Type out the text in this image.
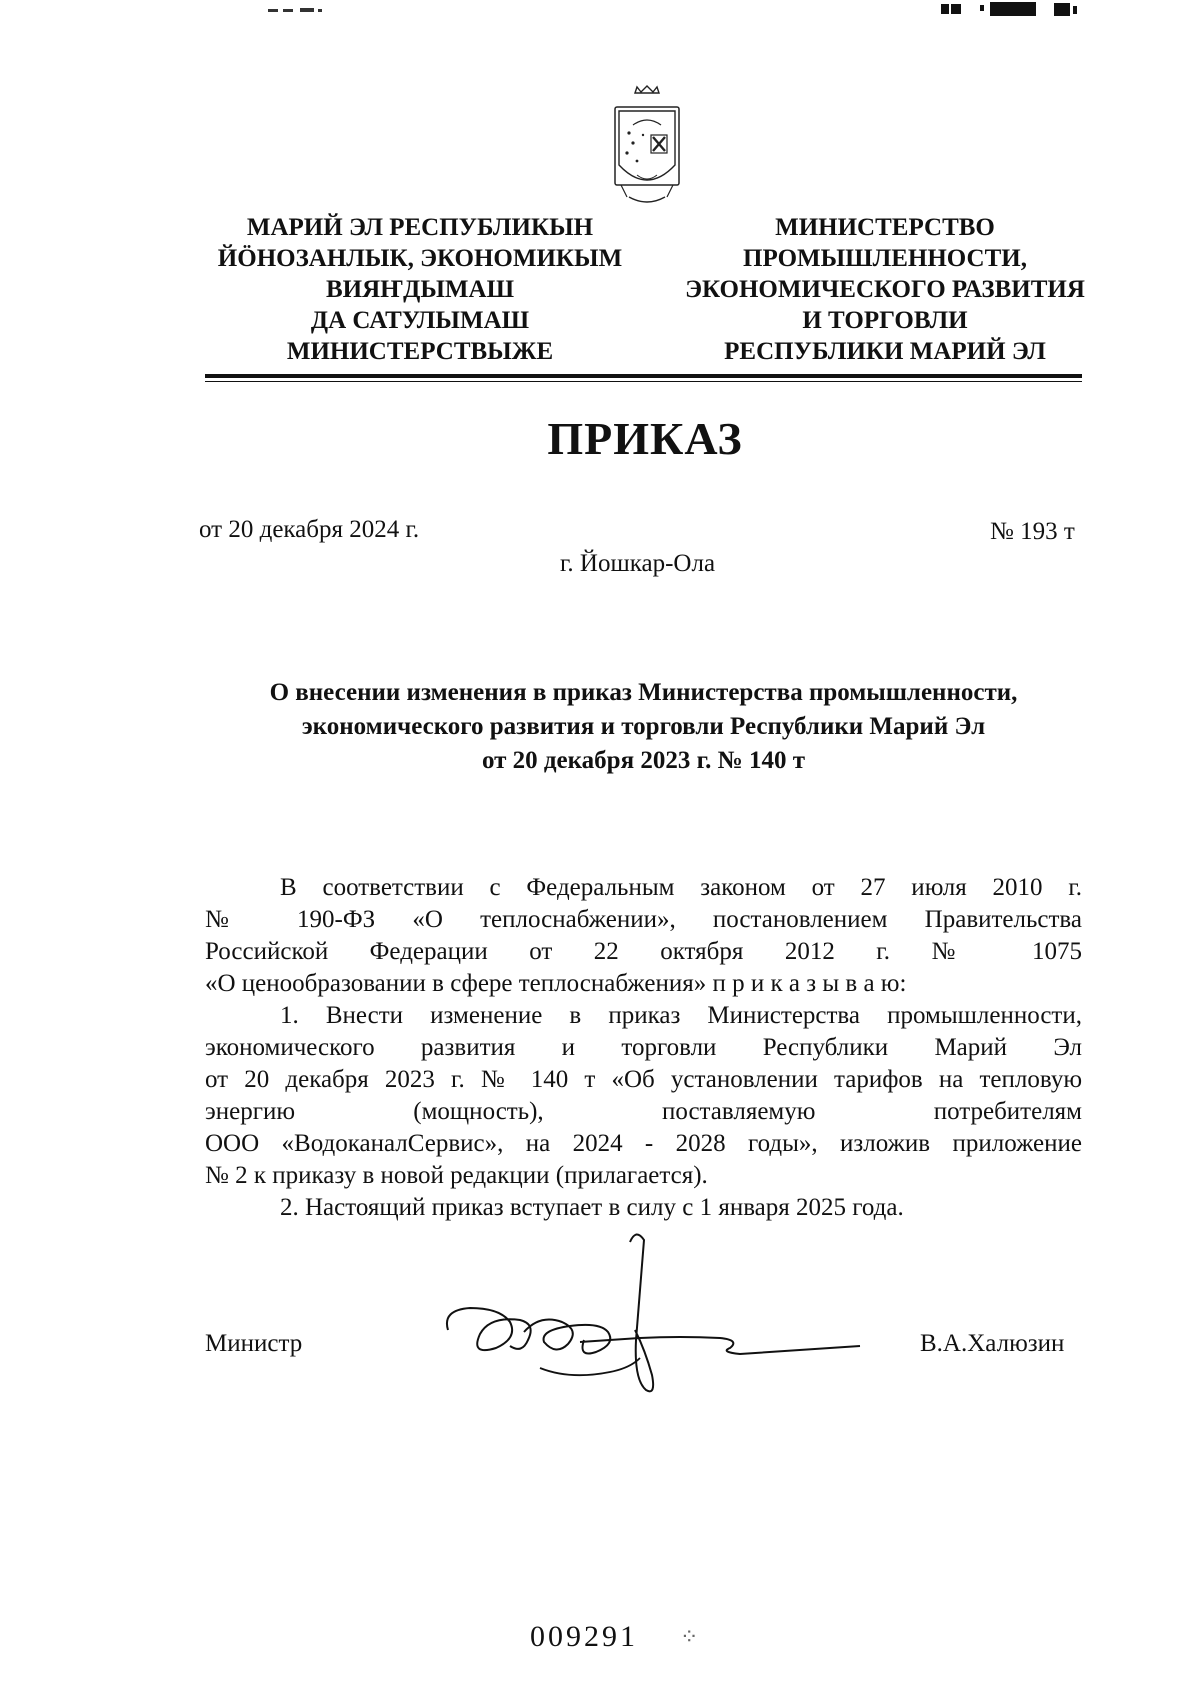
МАРИЙ ЭЛ РЕСПУБЛИКЫН
ЙӦНОЗАНЛЫК, ЭКОНОМИКЫМ
ВИЯҤДЫМАШ
ДА САТУЛЫМАШ
МИНИСТЕРСТВЫЖЕ
МИНИСТЕРСТВО
ПРОМЫШЛЕННОСТИ,
ЭКОНОМИЧЕСКОГО РАЗВИТИЯ
И ТОРГОВЛИ
РЕСПУБЛИКИ МАРИЙ ЭЛ
ПРИКАЗ
от 20 декабря 2024 г.	№ 193 т
г. Йошкар-Ола
О внесении изменения в приказ Министерства промышленности,
экономического развития и торговли Республики Марий Эл
от 20 декабря 2023 г. № 140 т
В соответствии с Федеральным законом от 27 июля 2010 г.
№ 190-ФЗ «О теплоснабжении», постановлением Правительства
Российской Федерации от 22 октября 2012 г. № 1075
«О ценообразовании в сфере теплоснабжения» п р и к а з ы в а ю:
1. Внести изменение в приказ Министерства промышленности,
экономического развития и торговли Республики Марий Эл
от 20 декабря 2023 г. № 140 т «Об установлении тарифов на тепловую
энергию (мощность), поставляемую потребителям
ООО «ВодоканалСервис», на 2024 - 2028 годы», изложив приложение
№ 2 к приказу в новой редакции (прилагается).
2. Настоящий приказ вступает в силу с 1 января 2025 года.
Министр	В.А.Халюзин
009291 ⁘
